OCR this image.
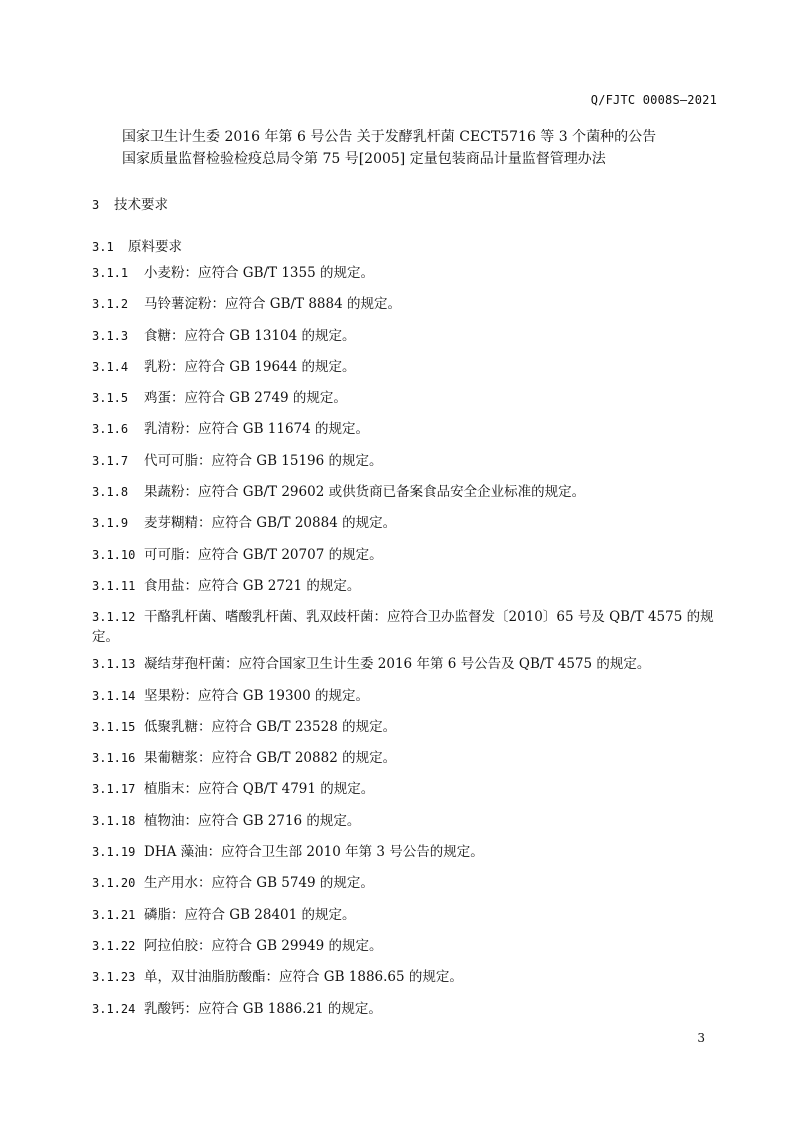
Q/FJTC 0008S—2021
国家卫生计生委 2016 年第 6 号公告 关于发酵乳杆菌 CECT5716 等 3 个菌种的公告
国家质量监督检验检疫总局令第 75 号[2005] 定量包装商品计量监督管理办法
3 技术要求
3.1 原料要求
3.1.1 小麦粉：应符合 GB/T 1355 的规定。
3.1.2 马铃薯淀粉：应符合 GB/T 8884 的规定。
3.1.3 食糖：应符合 GB 13104 的规定。
3.1.4 乳粉：应符合 GB 19644 的规定。
3.1.5 鸡蛋：应符合 GB 2749 的规定。
3.1.6 乳清粉：应符合 GB 11674 的规定。
3.1.7 代可可脂：应符合 GB 15196 的规定。
3.1.8 果蔬粉：应符合 GB/T 29602 或供货商已备案食品安全企业标准的规定。
3.1.9 麦芽糊精：应符合 GB/T 20884 的规定。
3.1.10 可可脂：应符合 GB/T 20707 的规定。
3.1.11 食用盐：应符合 GB 2721 的规定。
3.1.12 干酪乳杆菌、嗜酸乳杆菌、乳双歧杆菌：应符合卫办监督发〔2010〕65 号及 QB/T 4575 的规定。
3.1.13 凝结芽孢杆菌：应符合国家卫生计生委 2016 年第 6 号公告及 QB/T 4575 的规定。
3.1.14 坚果粉：应符合 GB 19300 的规定。
3.1.15 低聚乳糖：应符合 GB/T 23528 的规定。
3.1.16 果葡糖浆：应符合 GB/T 20882 的规定。
3.1.17 植脂末：应符合 QB/T 4791 的规定。
3.1.18 植物油：应符合 GB 2716 的规定。
3.1.19 DHA 藻油：应符合卫生部 2010 年第 3 号公告的规定。
3.1.20 生产用水：应符合 GB 5749 的规定。
3.1.21 磷脂：应符合 GB 28401 的规定。
3.1.22 阿拉伯胶：应符合 GB 29949 的规定。
3.1.23 单，双甘油脂肪酸酯：应符合 GB 1886.65 的规定。
3.1.24 乳酸钙：应符合 GB 1886.21 的规定。
3
